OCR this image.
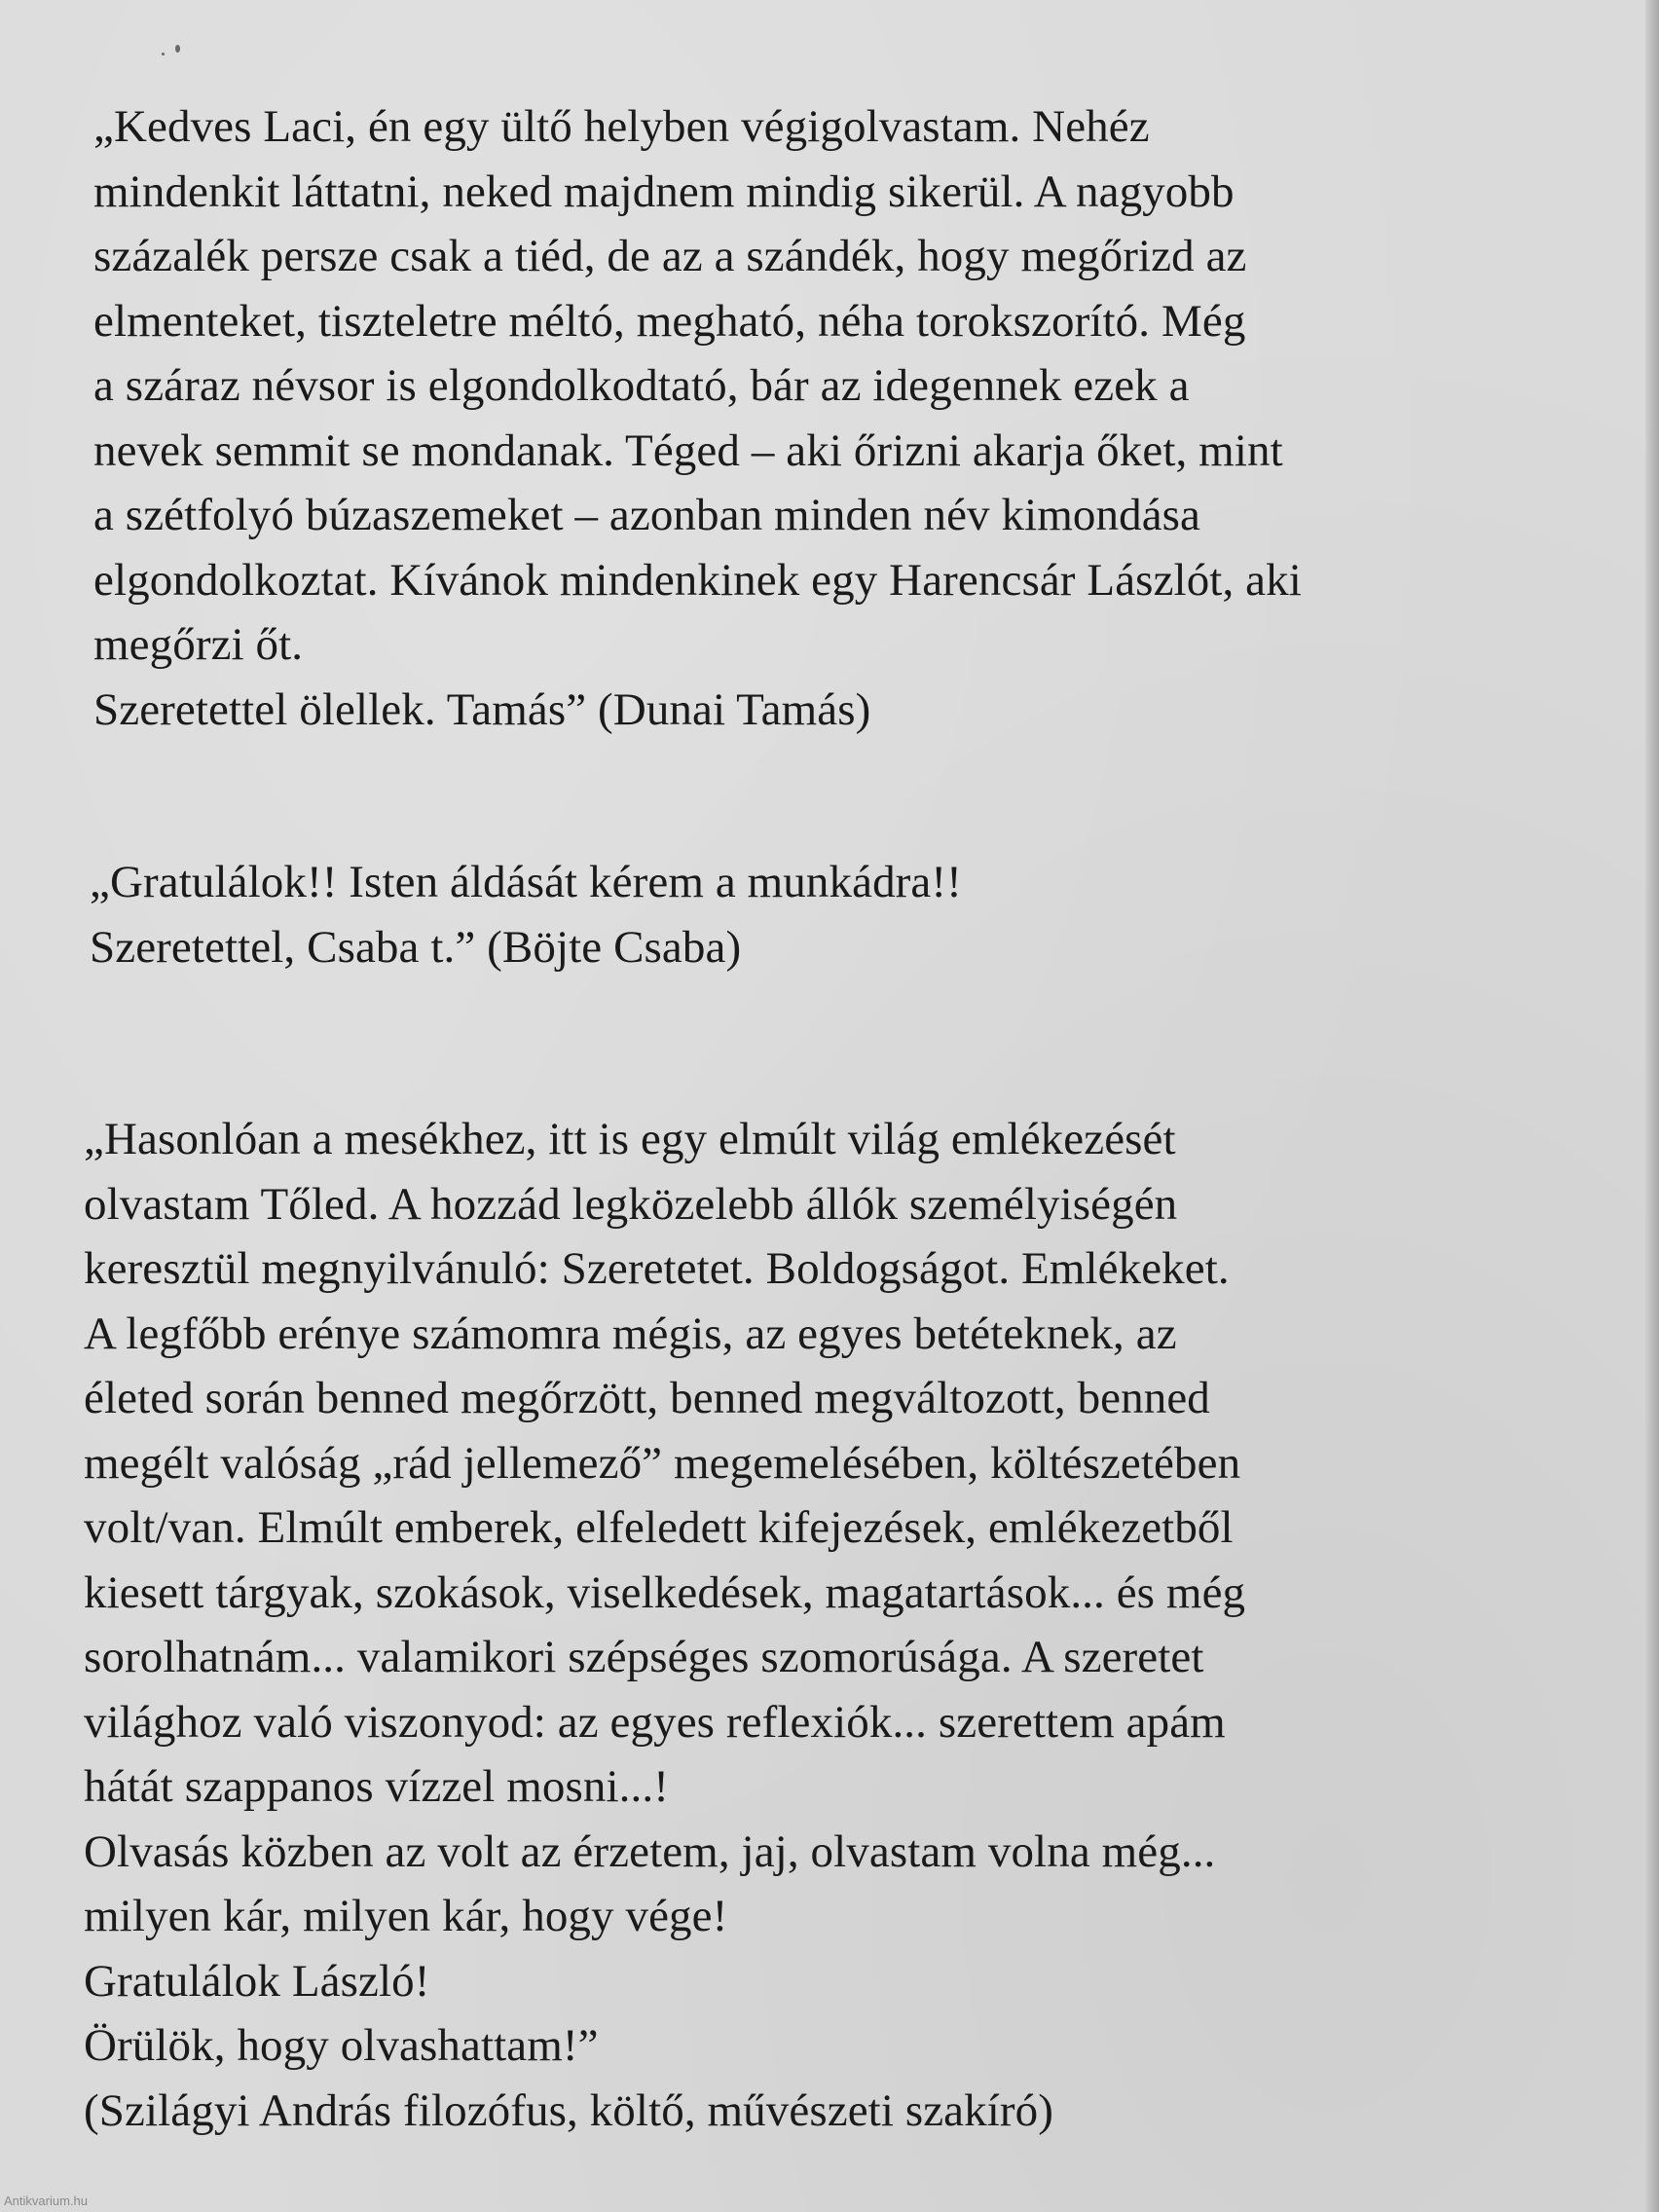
„Kedves Laci, én egy ültő helyben végigolvastam. Nehéz
mindenkit láttatni, neked majdnem mindig sikerül. A nagyobb
százalék persze csak a tiéd, de az a szándék, hogy megőrizd az
elmenteket, tiszteletre méltó, megható, néha torokszorító. Még
a száraz névsor is elgondolkodtató, bár az idegennek ezek a
nevek semmit se mondanak. Téged – aki őrizni akarja őket, mint
a szétfolyó búzaszemeket – azonban minden név kimondása
elgondolkoztat. Kívánok mindenkinek egy Harencsár Lászlót, aki
megőrzi őt.
Szeretettel ölellek. Tamás” (Dunai Tamás)
„Gratulálok!! Isten áldását kérem a munkádra!!
Szeretettel, Csaba t.” (Böjte Csaba)
„Hasonlóan a mesékhez, itt is egy elmúlt világ emlékezését
olvastam Tőled. A hozzád legközelebb állók személyiségén
keresztül megnyilvánuló: Szeretetet. Boldogságot. Emlékeket.
A legfőbb erénye számomra mégis, az egyes betéteknek, az
életed során benned megőrzött, benned megváltozott, benned
megélt valóság „rád jellemező” megemelésében, költészetében
volt/van. Elmúlt emberek, elfeledett kifejezések, emlékezetből
kiesett tárgyak, szokások, viselkedések, magatartások... és még
sorolhatnám... valamikori szépséges szomorúsága. A szeretet
világhoz való viszonyod: az egyes reflexiók... szerettem apám
hátát szappanos vízzel mosni...!
Olvasás közben az volt az érzetem, jaj, olvastam volna még...
milyen kár, milyen kár, hogy vége!
Gratulálok László!
Örülök, hogy olvashattam!”
(Szilágyi András filozófus, költő, művészeti szakíró)
Antikvarium.hu
